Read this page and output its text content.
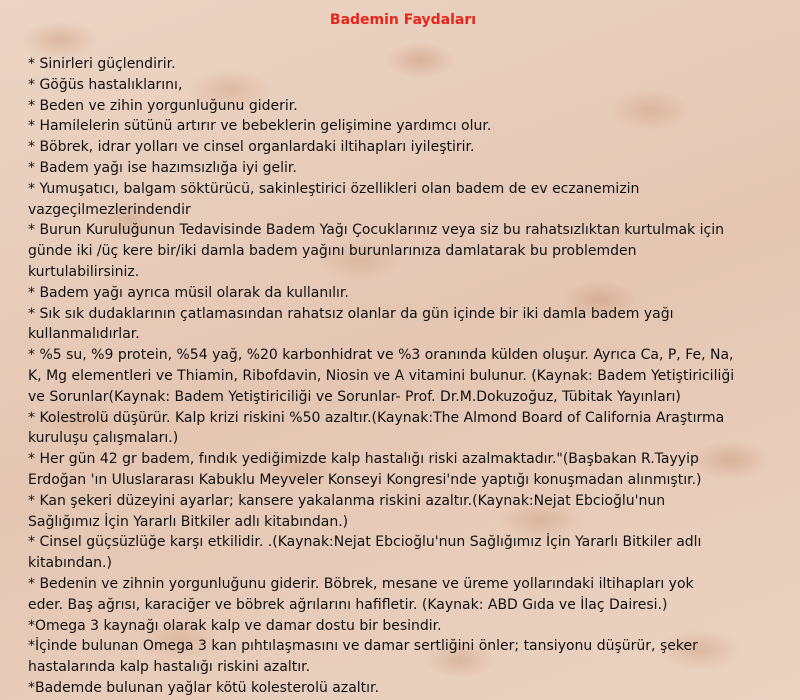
Bademin Faydaları
* Sinirleri güçlendirir.
* Göğüs hastalıklarını,
* Beden ve zihin yorgunluğunu giderir.
* Hamilelerin sütünü artırır ve bebeklerin gelişimine yardımcı olur.
* Böbrek, idrar yolları ve cinsel organlardaki iltihapları iyileştirir.
* Badem yağı ise hazımsızlığa iyi gelir.
* Yumuşatıcı, balgam söktürücü, sakinleştirici özellikleri olan badem de ev eczanemizin
vazgeçilmezlerindendir
* Burun Kuruluğunun Tedavisinde Badem Yağı Çocuklarınız veya siz bu rahatsızlıktan kurtulmak için
günde iki /üç kere bir/iki damla badem yağını burunlarınıza damlatarak bu problemden
kurtulabilirsiniz.
* Badem yağı ayrıca müsil olarak da kullanılır.
* Sık sık dudaklarının çatlamasından rahatsız olanlar da gün içinde bir iki damla badem yağı
kullanmalıdırlar.
* %5 su, %9 protein, %54 yağ, %20 karbonhidrat ve %3 oranında külden oluşur. Ayrıca Ca, P, Fe, Na,
K, Mg elementleri ve Thiamin, Ribofdavin, Niosin ve A vitamini bulunur. (Kaynak: Badem Yetiştiriciliği
ve Sorunlar(Kaynak: Badem Yetiştiriciliği ve Sorunlar- Prof. Dr.M.Dokuzoğuz, Tübitak Yayınları)
* Kolestrolü düşürür. Kalp krizi riskini %50 azaltır.(Kaynak:The Almond Board of California Araştırma
kuruluşu çalışmaları.)
* Her gün 42 gr badem, fındık yediğimizde kalp hastalığı riski azalmaktadır."(Başbakan R.Tayyip
Erdoğan 'ın Uluslararası Kabuklu Meyveler Konseyi Kongresi'nde yaptığı konuşmadan alınmıştır.)
* Kan şekeri düzeyini ayarlar; kansere yakalanma riskini azaltır.(Kaynak:Nejat Ebcioğlu'nun
Sağlığımız İçin Yararlı Bitkiler adlı kitabından.)
* Cinsel güçsüzlüğe karşı etkilidir. .(Kaynak:Nejat Ebcioğlu'nun Sağlığımız İçin Yararlı Bitkiler adlı
kitabından.)
* Bedenin ve zihnin yorgunluğunu giderir. Böbrek, mesane ve üreme yollarındaki iltihapları yok
eder. Baş ağrısı, karaciğer ve böbrek ağrılarını hafifletir. (Kaynak: ABD Gıda ve İlaç Dairesi.)
*Omega 3 kaynağı olarak kalp ve damar dostu bir besindir.
*İçinde bulunan Omega 3 kan pıhtılaşmasını ve damar sertliğini önler; tansiyonu düşürür, şeker
hastalarında kalp hastalığı riskini azaltır.
*Bademde bulunan yağlar kötü kolesterolü azaltır.
